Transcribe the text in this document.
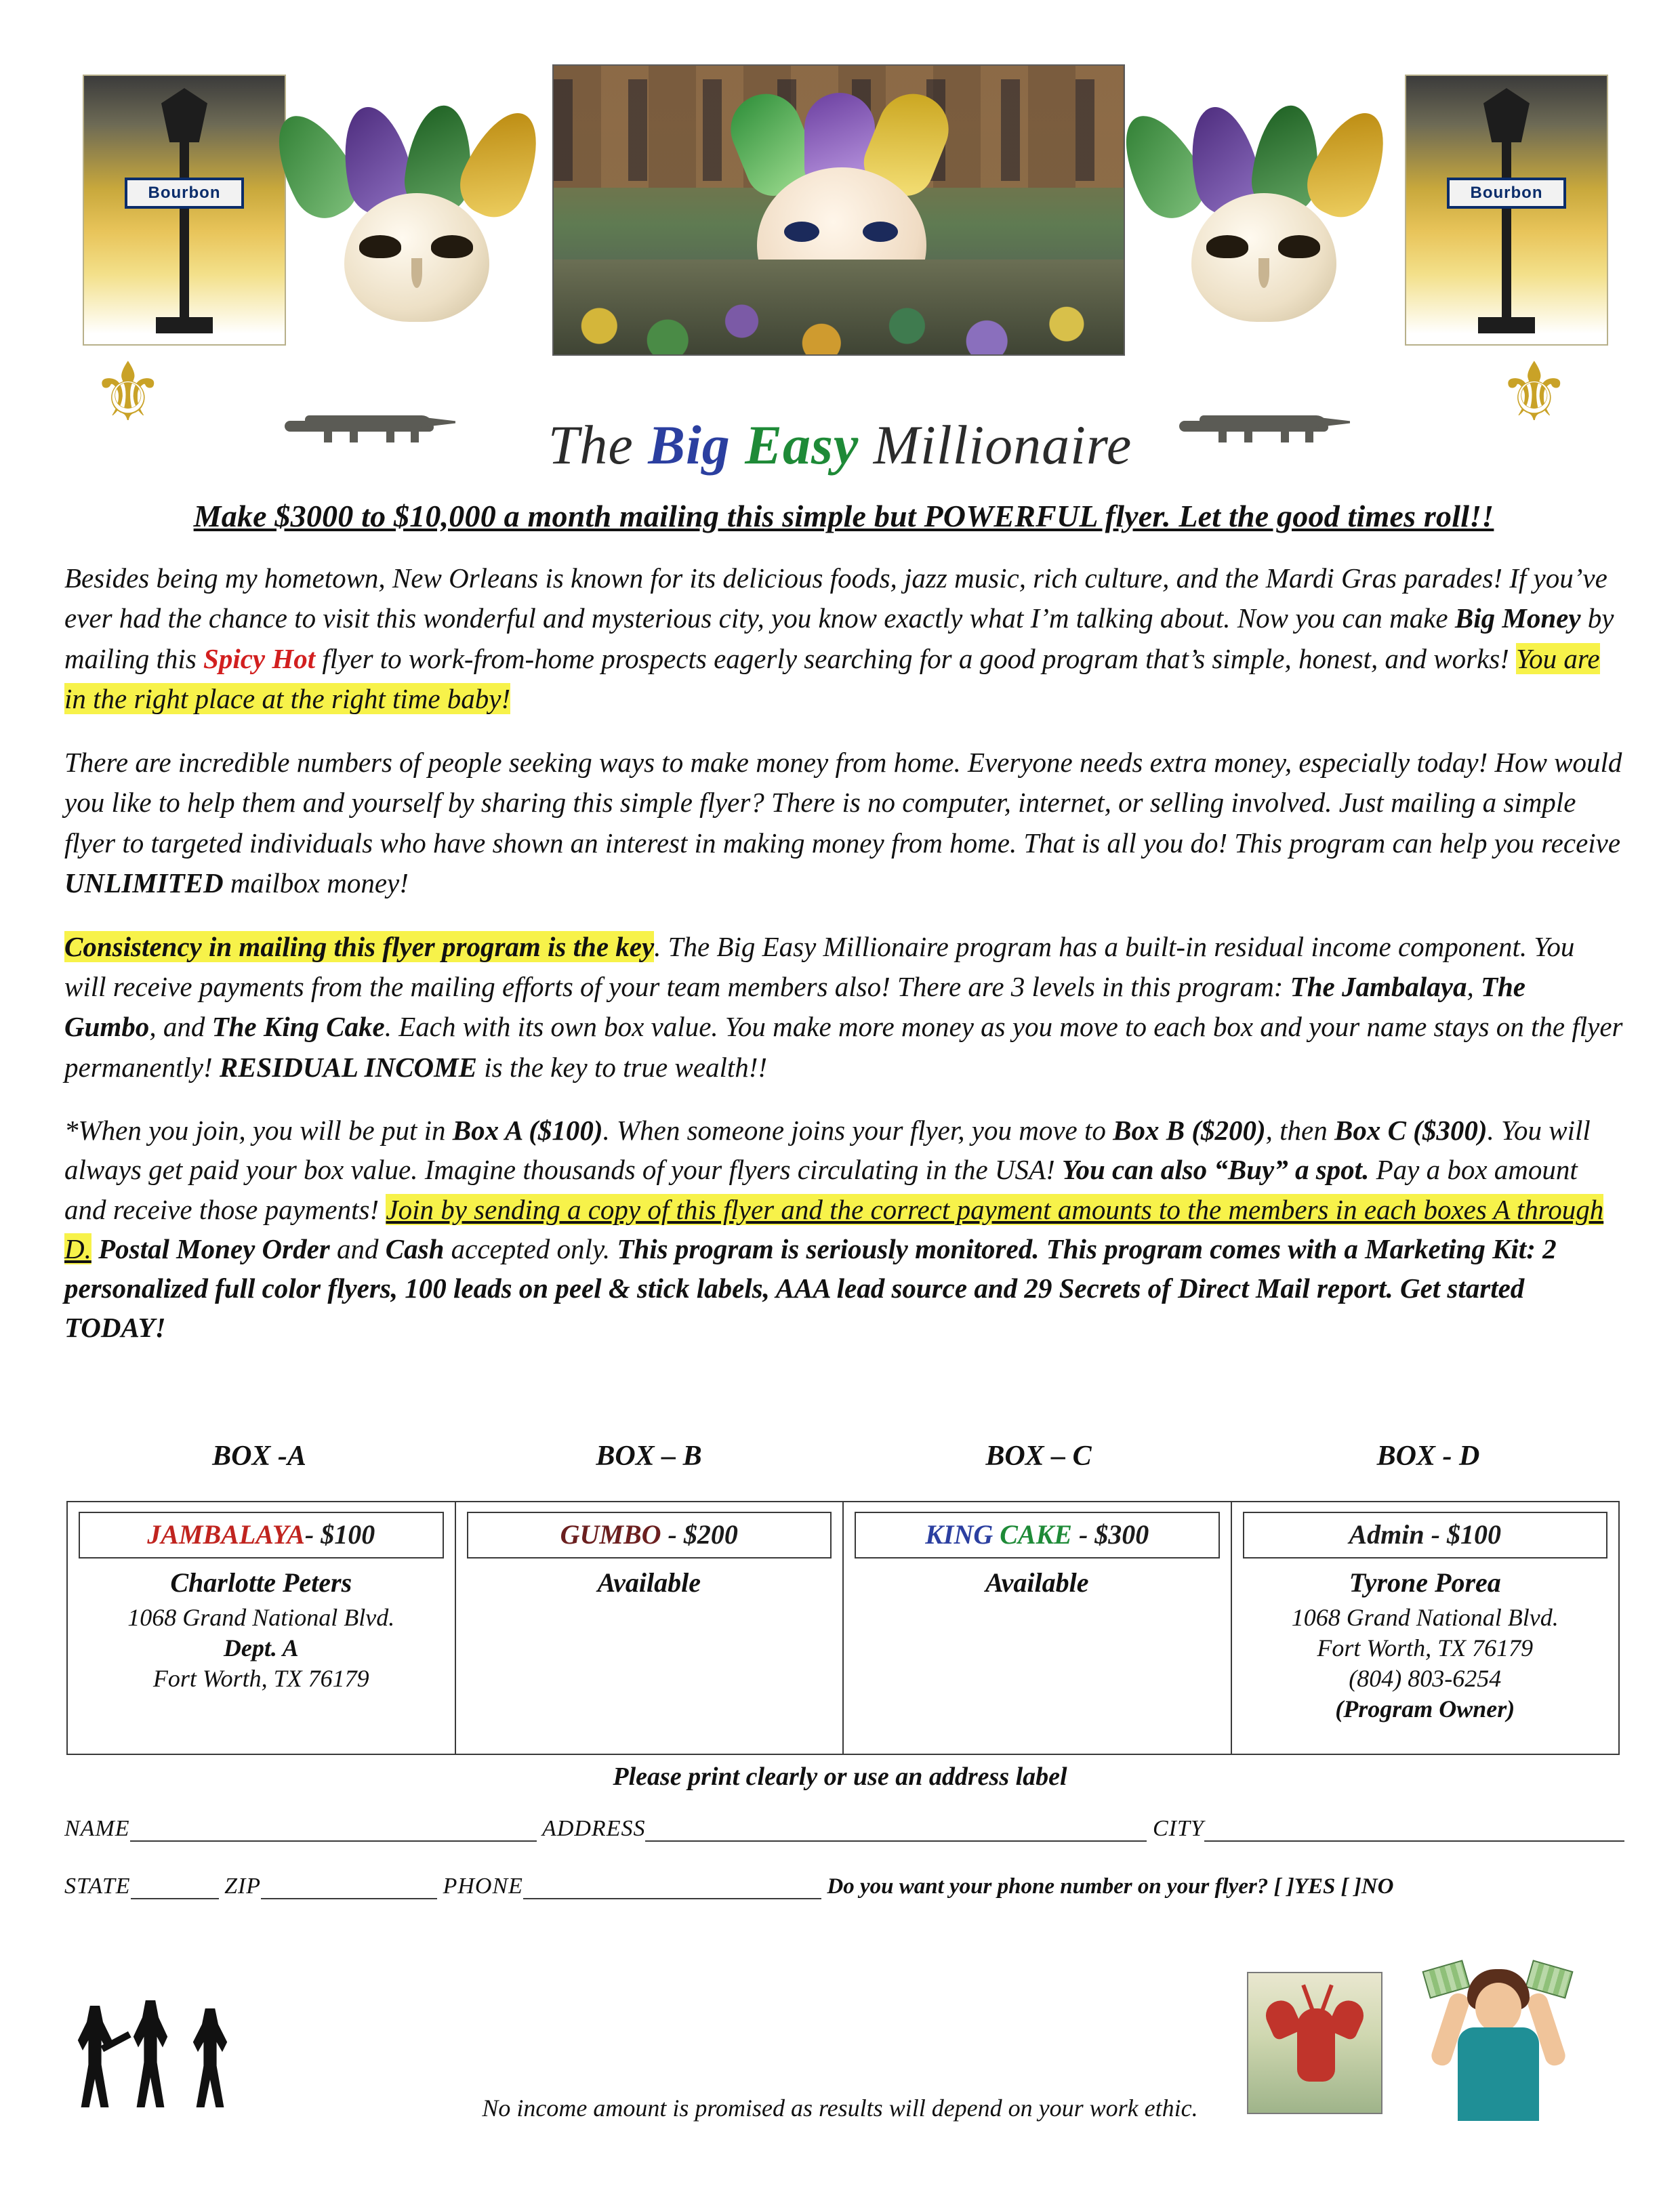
Bourbon	Bourbon
⚜	⚜
The Big Easy Millionaire
Make $3000 to $10,000 a month mailing this simple but POWERFUL flyer. Let the good times roll!!

Besides being my hometown, New Orleans is known for its delicious foods, jazz music, rich culture, and the Mardi Gras parades! If you’ve ever had the chance to visit this wonderful and mysterious city, you know exactly what I’m talking about. Now you can make Big Money by mailing this Spicy Hot flyer to work-from-home prospects eagerly searching for a good program that’s simple, honest, and works! You are in the right place at the right time baby!

There are incredible numbers of people seeking ways to make money from home. Everyone needs extra money, especially today! How would you like to help them and yourself by sharing this simple flyer? There is no computer, internet, or selling involved. Just mailing a simple flyer to targeted individuals who have shown an interest in making money from home. That is all you do! This program can help you receive UNLIMITED mailbox money!

Consistency in mailing this flyer program is the key. The Big Easy Millionaire program has a built-in residual income component. You will receive payments from the mailing efforts of your team members also! There are 3 levels in this program: The Jambalaya, The Gumbo, and The King Cake. Each with its own box value. You make more money as you move to each box and your name stays on the flyer permanently! RESIDUAL INCOME is the key to true wealth!!

*When you join, you will be put in Box A ($100). When someone joins your flyer, you move to Box B ($200), then Box C ($300). You will always get paid your box value. Imagine thousands of your flyers circulating in the USA! You can also “Buy” a spot. Pay a box amount and receive those payments! Join by sending a copy of this flyer and the correct payment amounts to the members in each boxes A through D. Postal Money Order and Cash accepted only. This program is seriously monitored. This program comes with a Marketing Kit: 2 personalized full color flyers, 100 leads on peel & stick labels, AAA lead source and 29 Secrets of Direct Mail report. Get started TODAY!

BOX -A	BOX – B	BOX – C	BOX - D
JAMBALAYA- $100
Charlotte Peters
1068 Grand National Blvd.
Dept. A
Fort Worth, TX 76179
GUMBO - $200
Available
KING CAKE - $300
Available
Admin - $100
Tyrone Porea
1068 Grand National Blvd.
Fort Worth, TX 76179
(804) 803-6254
(Program Owner)
Please print clearly or use an address label
NAME	ADDRESS	CITY
STATE	ZIP	PHONE	Do you want your phone number on your flyer? [ ]YES [ ]NO
No income amount is promised as results will depend on your work ethic.
